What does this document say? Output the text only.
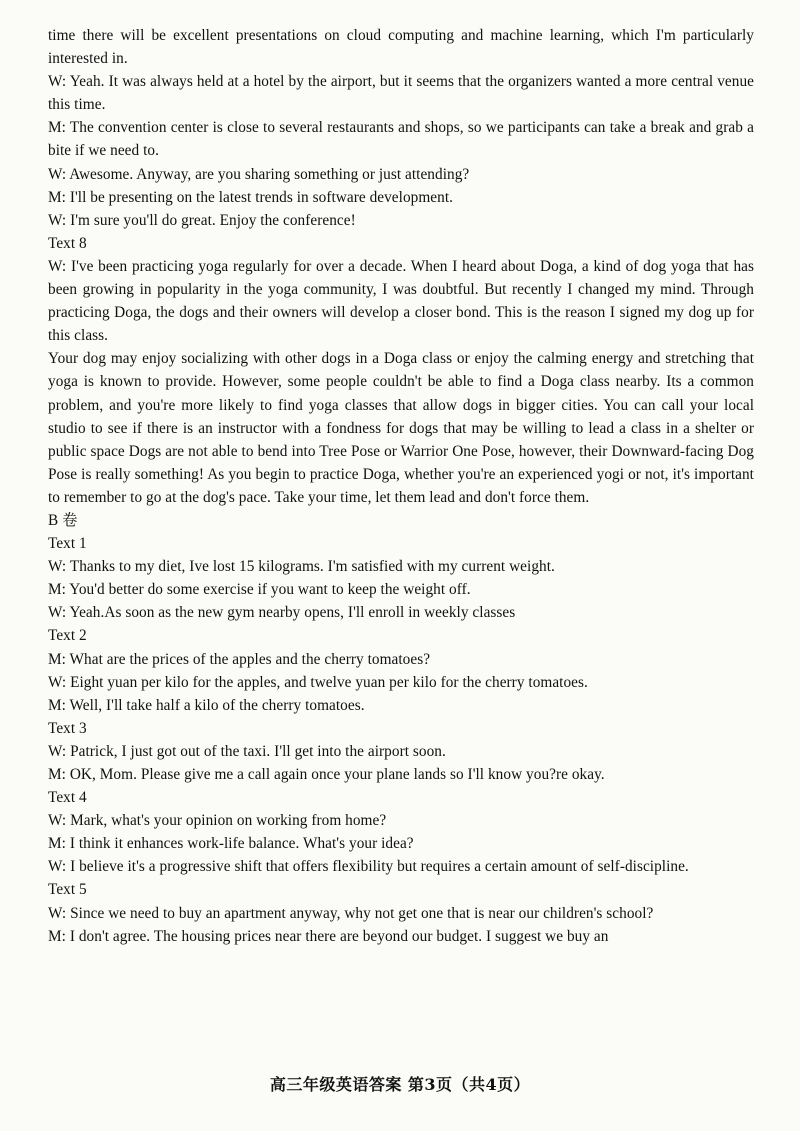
time there will be excellent presentations on cloud computing and machine learning, which I'm particularly interested in.

W: Yeah. It was always held at a hotel by the airport, but it seems that the organizers wanted a more central venue this time.

M: The convention center is close to several restaurants and shops, so we participants can take a break and grab a bite if we need to.

W: Awesome. Anyway, are you sharing something or just attending?

M: I'll be presenting on the latest trends in software development.

W: I'm sure you'll do great. Enjoy the conference!

Text 8

W: I've been practicing yoga regularly for over a decade. When I heard about Doga, a kind of dog yoga that has been growing in popularity in the yoga community, I was doubtful. But recently I changed my mind. Through practicing Doga, the dogs and their owners will develop a closer bond. This is the reason I signed my dog up for this class.

Your dog may enjoy socializing with other dogs in a Doga class or enjoy the calming energy and stretching that yoga is known to provide. However, some people couldn't be able to find a Doga class nearby. Its a common problem, and you're more likely to find yoga classes that allow dogs in bigger cities. You can call your local studio to see if there is an instructor with a fondness for dogs that may be willing to lead a class in a shelter or public space Dogs are not able to bend into Tree Pose or Warrior One Pose, however, their Downward-facing Dog Pose is really something! As you begin to practice Doga, whether you're an experienced yogi or not, it's important to remember to go at the dog's pace. Take your time, let them lead and don't force them.

B 卷

Text 1

W: Thanks to my diet, Ive lost 15 kilograms. I'm satisfied with my current weight.

M: You'd better do some exercise if you want to keep the weight off.

W: Yeah.As soon as the new gym nearby opens, I'll enroll in weekly classes

Text 2

M: What are the prices of the apples and the cherry tomatoes?

W: Eight yuan per kilo for the apples, and twelve yuan per kilo for the cherry tomatoes.

M: Well, I'll take half a kilo of the cherry tomatoes.

Text 3

W: Patrick, I just got out of the taxi. I'll get into the airport soon.

M: OK, Mom. Please give me a call again once your plane lands so I'll know you?re okay.

Text 4

W: Mark, what's your opinion on working from home?

M: I think it enhances work-life balance. What's your idea?

W: I believe it's a progressive shift that offers flexibility but requires a certain amount of self-discipline.

Text 5

W: Since we need to buy an apartment anyway, why not get one that is near our children's school?

M: I don't agree. The housing prices near there are beyond our budget. I suggest we buy an

高三年级英语答案 第3页（共4页）
